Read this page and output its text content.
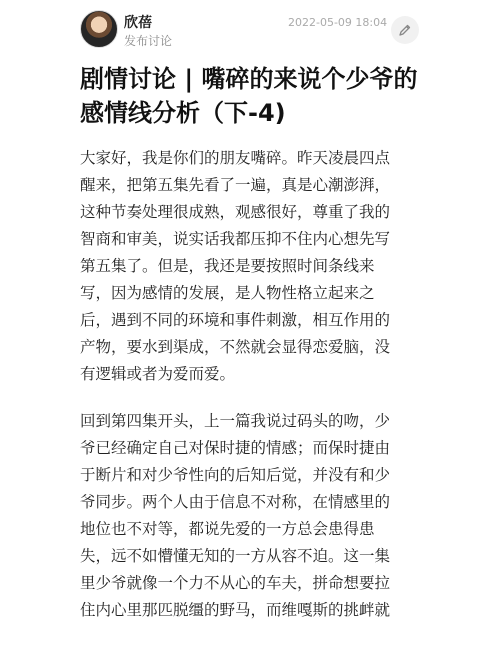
欣蓓
发布讨论
2022-05-09 18:04
剧情讨论 | 嘴碎的来说个少爷的
感情线分析（下-4)
大家好，我是你们的朋友嘴碎。昨天凌晨四点
醒来，把第五集先看了一遍，真是心潮澎湃，
这种节奏处理很成熟，观感很好，尊重了我的
智商和审美，说实话我都压抑不住内心想先写
第五集了。但是，我还是要按照时间条线来
写，因为感情的发展，是人物性格立起来之
后，遇到不同的环境和事件刺激，相互作用的
产物，要水到渠成，不然就会显得恋爱脑，没
有逻辑或者为爱而爱。
回到第四集开头，上一篇我说过码头的吻，少
爷已经确定自己对保时捷的情感；而保时捷由
于断片和对少爷性向的后知后觉，并没有和少
爷同步。两个人由于信息不对称，在情感里的
地位也不对等，都说先爱的一方总会患得患
失，远不如懵懂无知的一方从容不迫。这一集
里少爷就像一个力不从心的车夫，拼命想要拉
住内心里那匹脱缰的野马，而维嘎斯的挑衅就
